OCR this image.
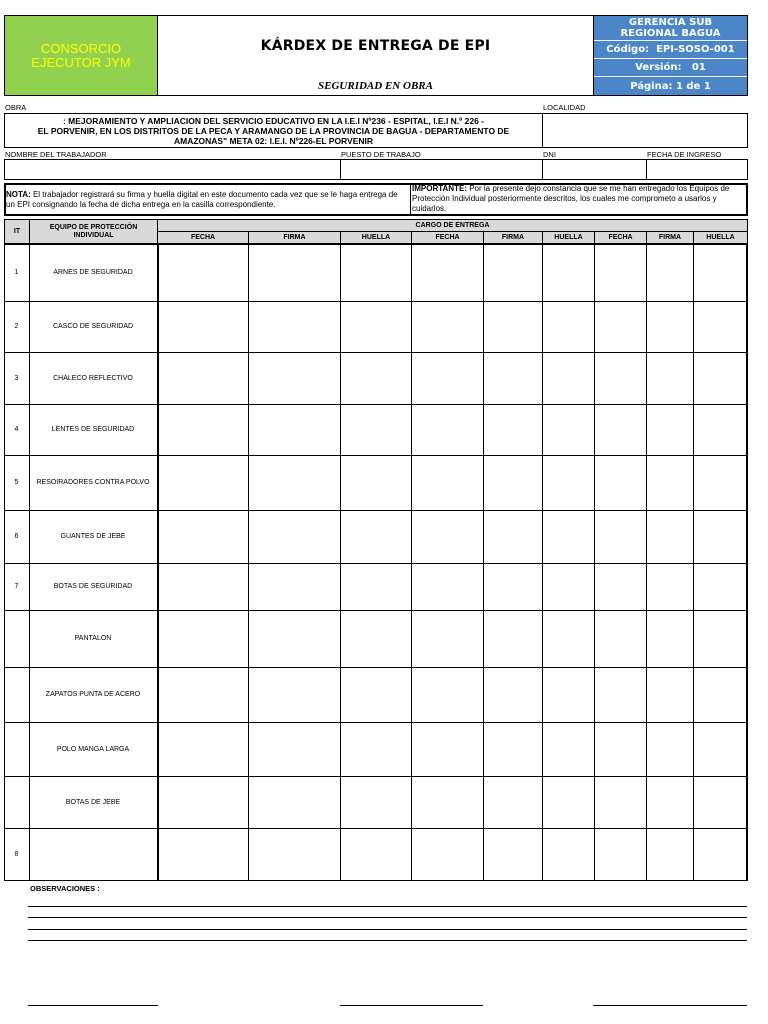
CONSORCIO
EJECUTOR JYM
KÁRDEX DE ENTREGA DE EPI
SEGURIDAD EN OBRA
GERENCIA SUB REGIONAL BAGUA
Código:
EPI-SOSO-001
Versión:
01
Página:
1 de 1
OBRA	LOCALIDAD
: MEJORAMIENTO Y AMPLIACION DEL SERVICIO EDUCATIVO EN LA I.E.I Nº236 - ESPITAL, I.E.I N.º 226 -
EL PORVENIR, EN LOS DISTRITOS DE LA PECA Y ARAMANGO DE LA PROVINCIA DE BAGUA - DEPARTAMENTO DE
AMAZONAS" META 02: I.E.I. Nº226-EL PORVENIR
NOMBRE DEL TRABAJADOR	PUESTO DE TRABAJO	DNI	FECHA DE INGRESO
NOTA: El trabajador registrará su firma y huella digital en este documento cada vez que se le haga entrega de un EPI consignando la fecha de dicha entrega en la casilla correspondiente.
IMPORTANTE: Por la presente dejo constancia que se me han entregado los Equipos de Protección Individual posteriormente descritos, los cuales me comprometo a usarlos y cuidarlos.
IT
EQUIPO DE PROTECCIÓN INDIVIDUAL
CARGO DE ENTREGA
FECHA	FIRMA	HUELLA	FECHA	FIRMA	HUELLA	FECHA	FIRMA	HUELLA
1	ARNES DE SEGURIDAD
2	CASCO DE SEGURIDAD
3	CHALECO REFLECTIVO
4	LENTES DE SEGURIDAD
5	RESOIRADORES CONTRA POLVO
6	GUANTES DE JEBE
7	BOTAS DE SEGURIDAD
PANTALON
ZAPATOS PUNTA DE ACERO
POLO MANGA LARGA
BOTAS DE JEBE
8
OBSERVACIONES :
